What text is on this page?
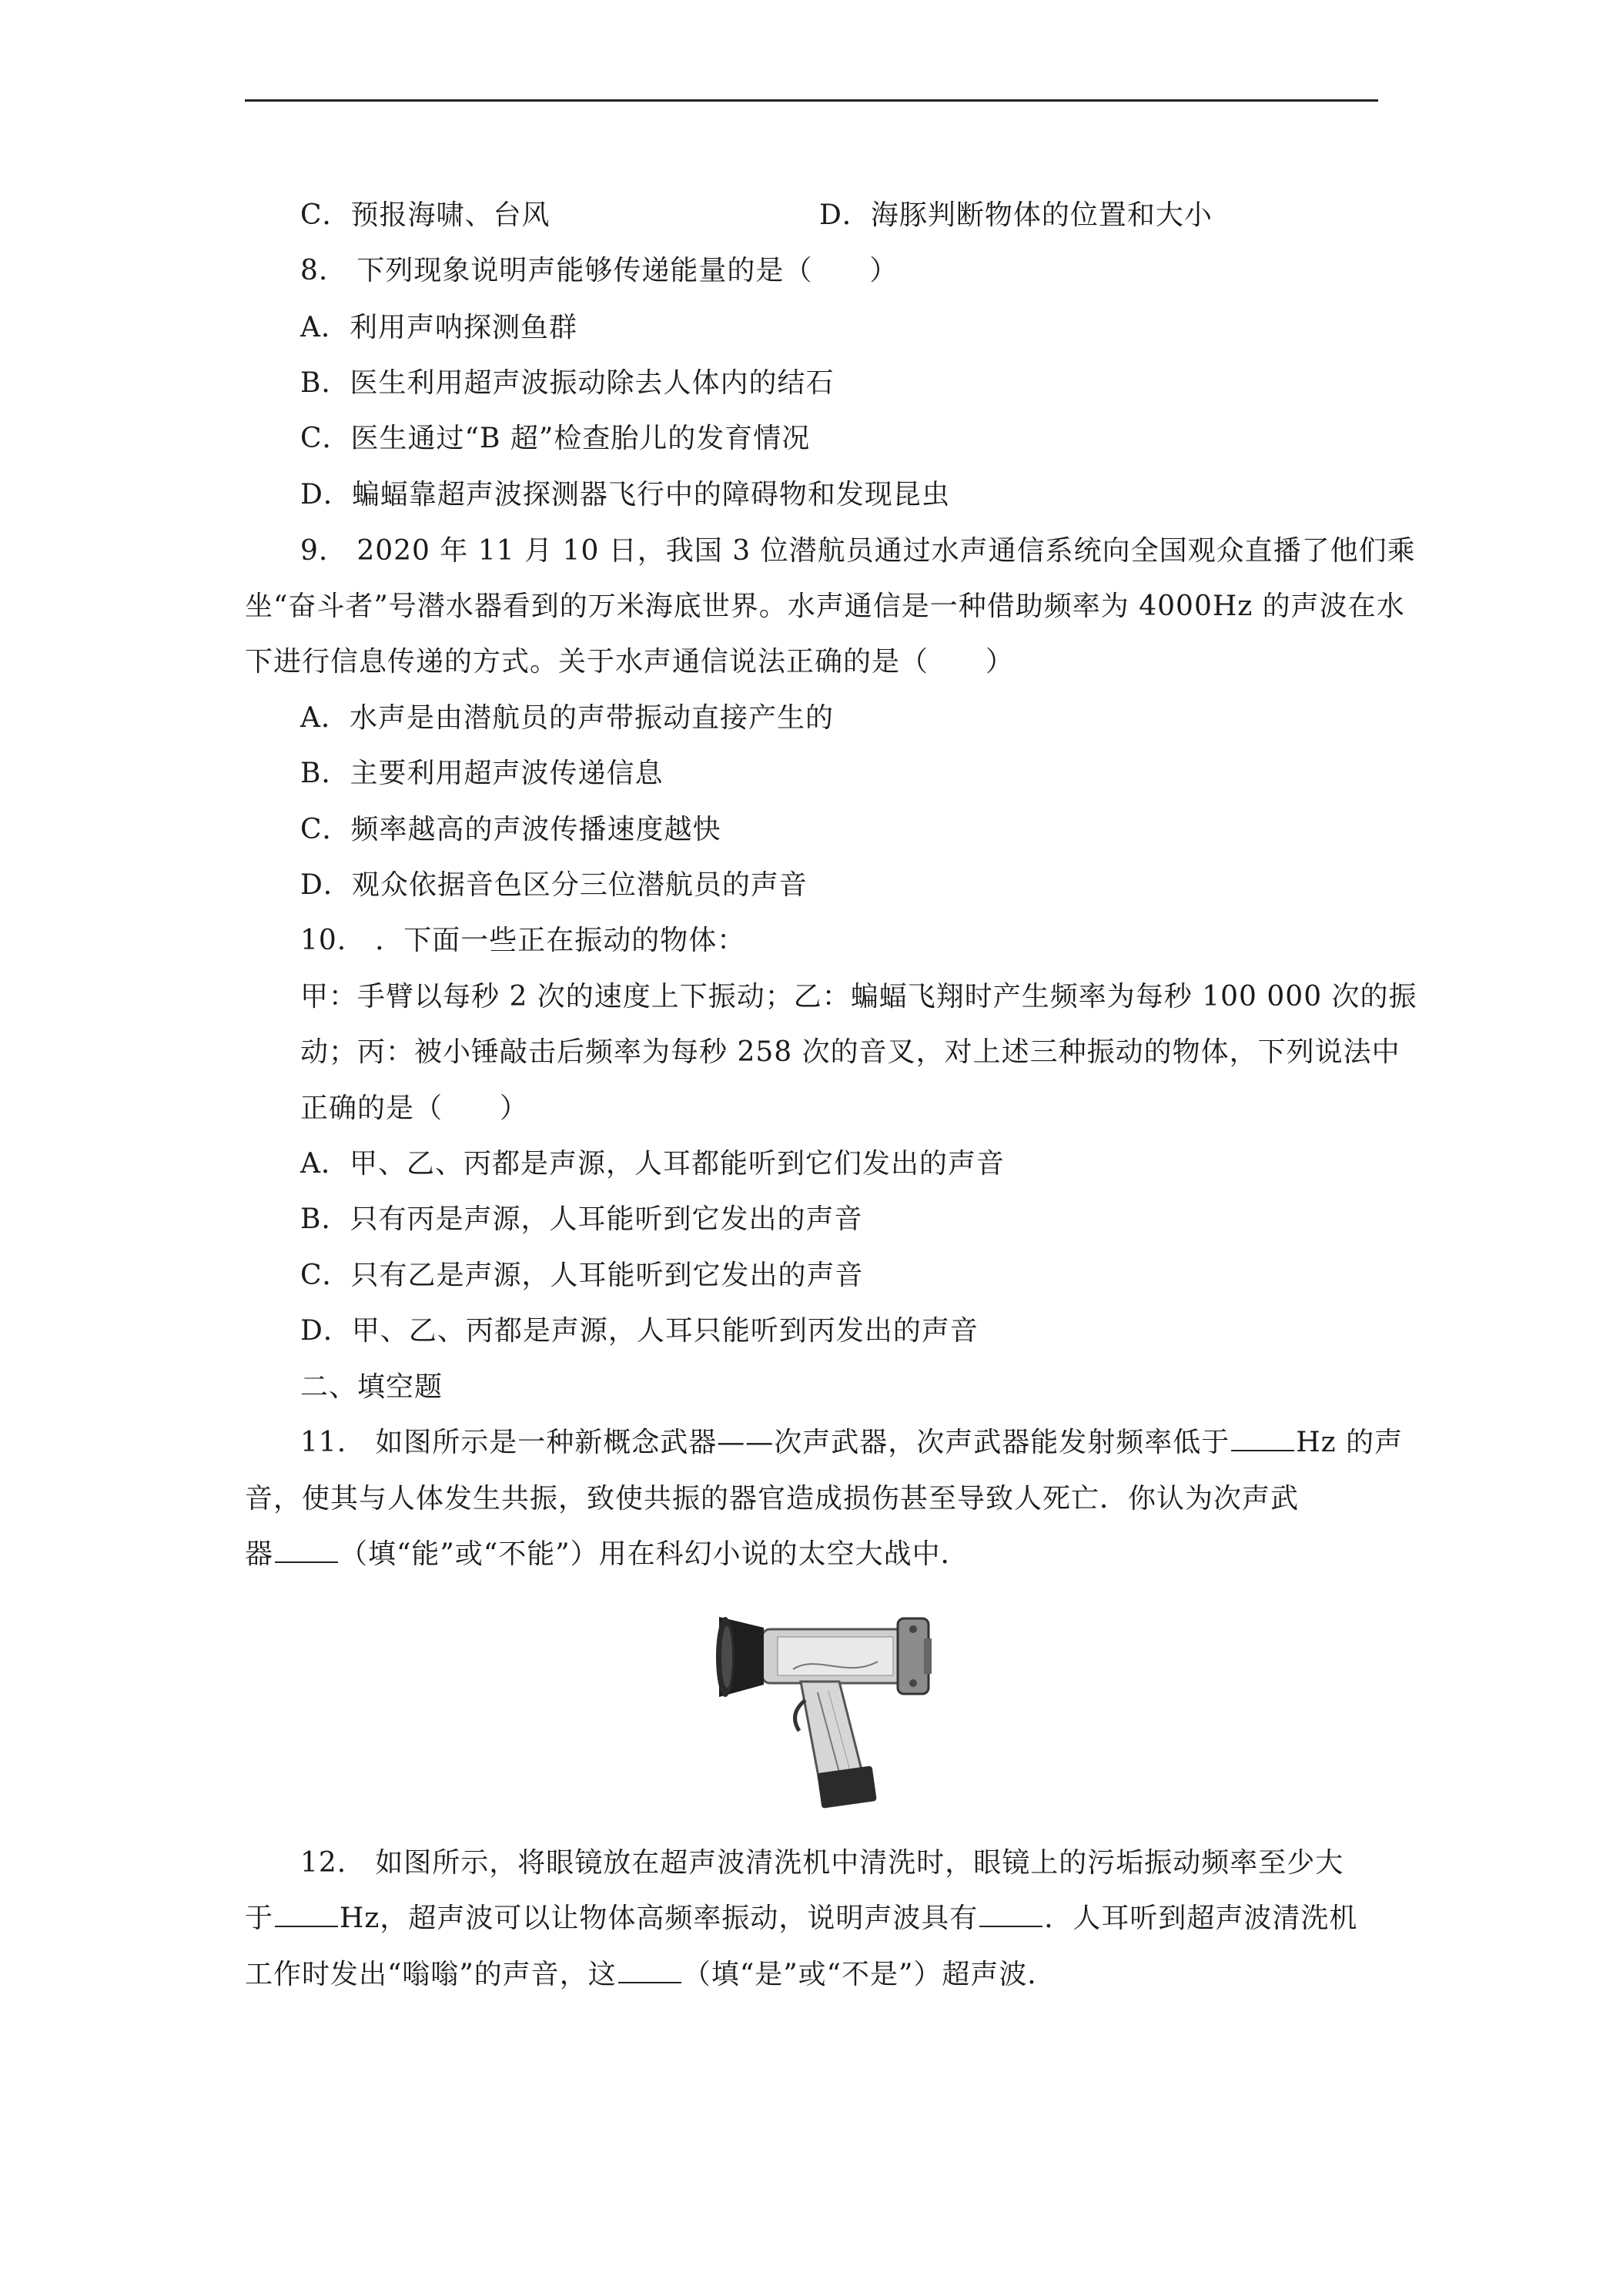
C．预报海啸、台风	D．海豚判断物体的位置和大小
8.　下列现象说明声能够传递能量的是（　　）
A．利用声呐探测鱼群
B．医生利用超声波振动除去人体内的结石
C．医生通过“B 超”检查胎儿的发育情况
D．蝙蝠靠超声波探测器飞行中的障碍物和发现昆虫
9.　2020 年 11 月 10 日，我国 3 位潜航员通过水声通信系统向全国观众直播了他们乘
坐“奋斗者”号潜水器看到的万米海底世界。水声通信是一种借助频率为 4000Hz 的声波在水
下进行信息传递的方式。关于水声通信说法正确的是（　　）
A．水声是由潜航员的声带振动直接产生的
B．主要利用超声波传递信息
C．频率越高的声波传播速度越快
D．观众依据音色区分三位潜航员的声音
10.　．下面一些正在振动的物体：
甲：手臂以每秒 2 次的速度上下振动；乙：蝙蝠飞翔时产生频率为每秒 100 000 次的振
动；丙：被小锤敲击后频率为每秒 258 次的音叉，对上述三种振动的物体，下列说法中
正确的是（　　）
A．甲、乙、丙都是声源，人耳都能听到它们发出的声音
B．只有丙是声源，人耳能听到它发出的声音
C．只有乙是声源，人耳能听到它发出的声音
D．甲、乙、丙都是声源，人耳只能听到丙发出的声音
二、填空题
11.　如图所示是一种新概念武器——次声武器，次声武器能发射频率低于 Hz 的声
音，使其与人体发生共振，致使共振的器官造成损伤甚至导致人死亡．你认为次声武
器 （填“能”或“不能”）用在科幻小说的太空大战中．
12.　如图所示，将眼镜放在超声波清洗机中清洗时，眼镜上的污垢振动频率至少大
于 Hz，超声波可以让物体高频率振动，说明声波具有 ．人耳听到超声波清洗机
工作时发出“嗡嗡”的声音，这 （填“是”或“不是”）超声波．
